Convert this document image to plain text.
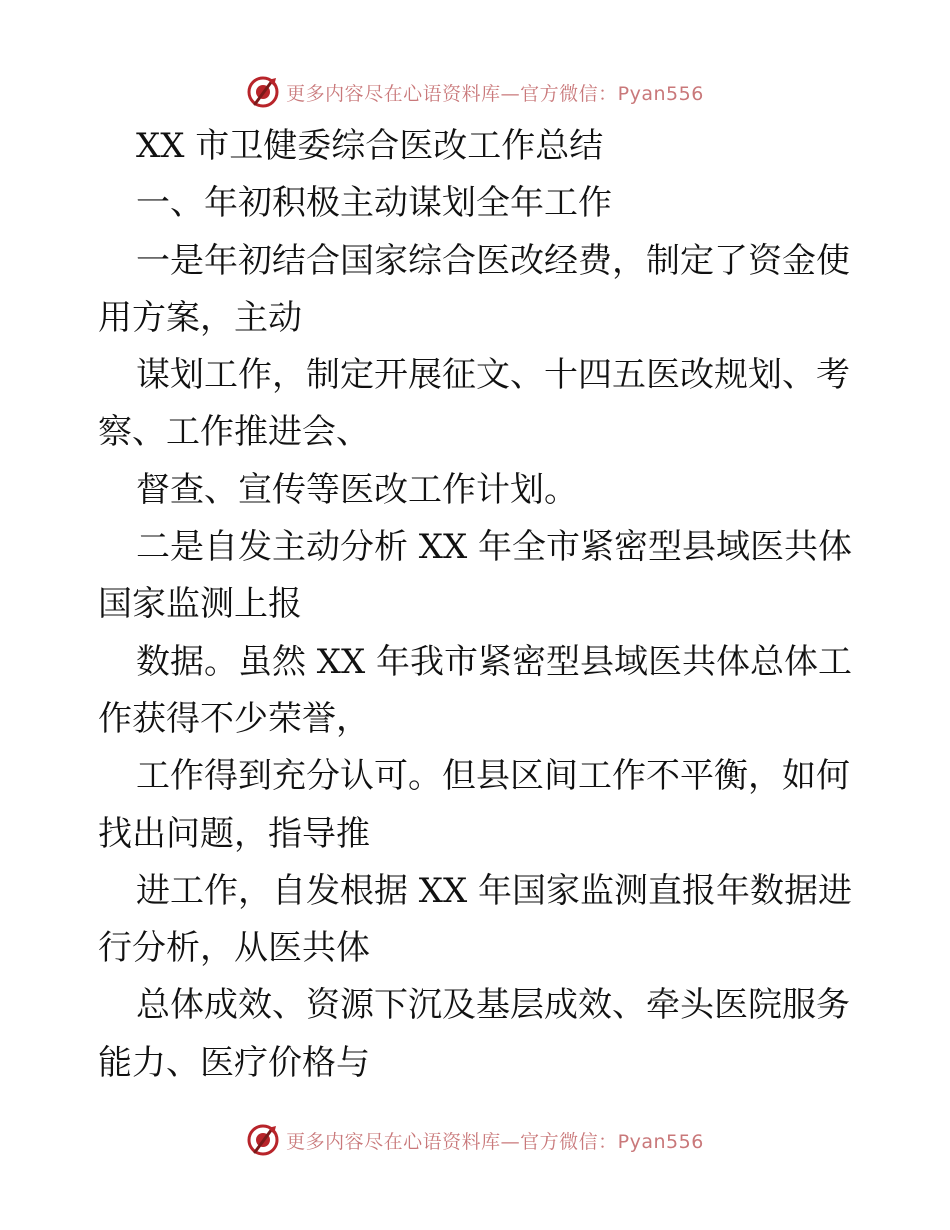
更多内容尽在心语资料库—官方微信：Pyan556
XX 市卫健委综合医改工作总结
一、年初积极主动谋划全年工作
一是年初结合国家综合医改经费，制定了资金使
用方案，主动
谋划工作，制定开展征文、十四五医改规划、考
察、工作推进会、
督查、宣传等医改工作计划。
二是自发主动分析 XX 年全市紧密型县域医共体
国家监测上报
数据。虽然 XX 年我市紧密型县域医共体总体工
作获得不少荣誉，
工作得到充分认可。但县区间工作不平衡，如何
找出问题，指导推
进工作，自发根据 XX 年国家监测直报年数据进
行分析，从医共体
总体成效、资源下沉及基层成效、牵头医院服务
能力、医疗价格与
更多内容尽在心语资料库—官方微信：Pyan556
